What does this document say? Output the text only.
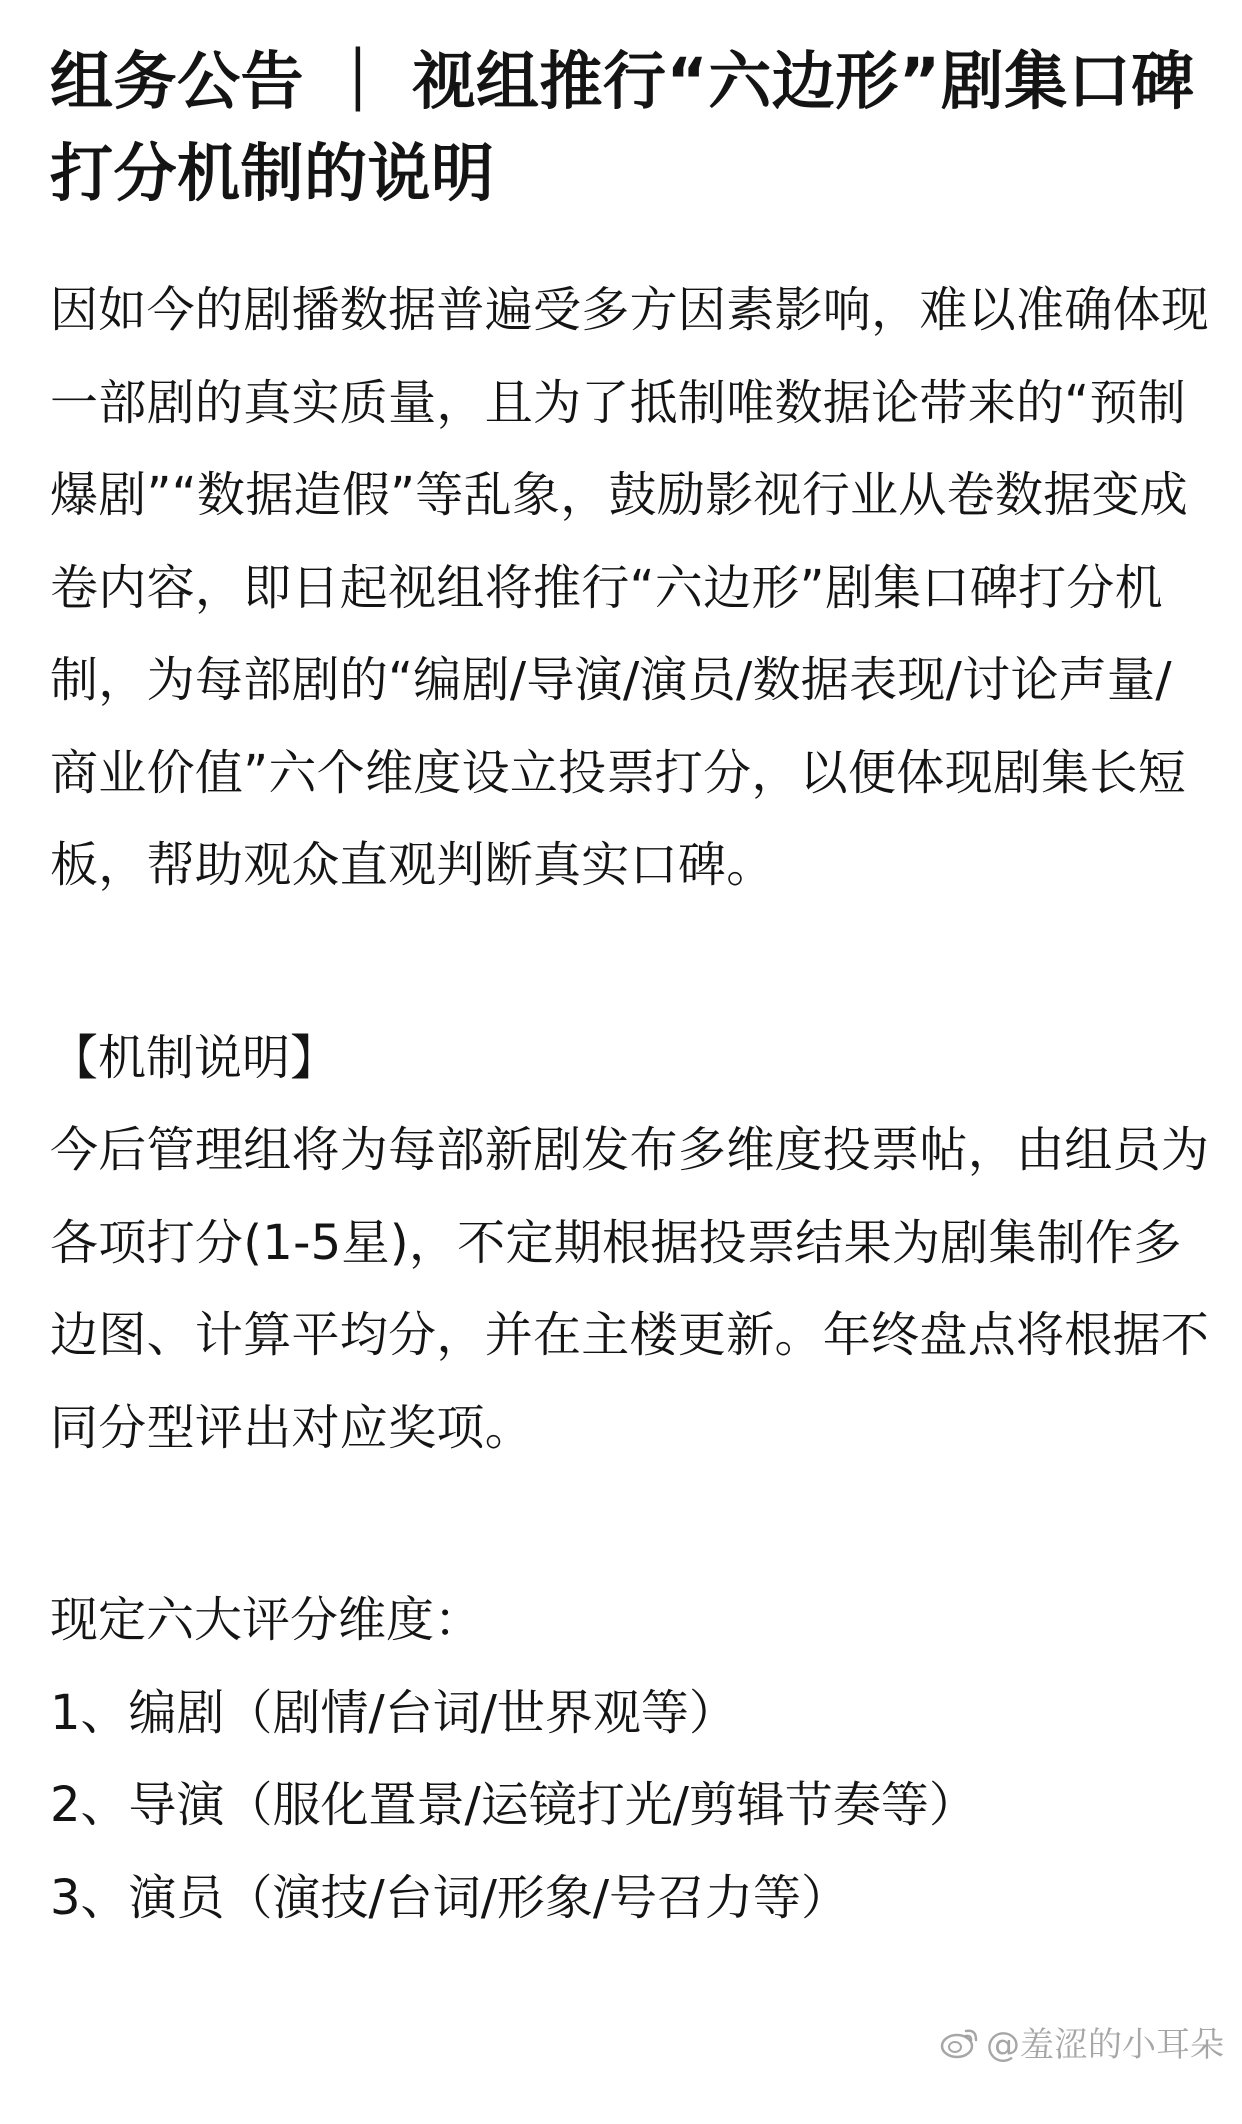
组务公告 ｜ 视组推行“六边形”剧集口碑打分机制的说明

因如今的剧播数据普遍受多方因素影响，难以准确体现一部剧的真实质量，且为了抵制唯数据论带来的“预制爆剧”“数据造假”等乱象，鼓励影视行业从卷数据变成卷内容，即日起视组将推行“六边形”剧集口碑打分机制，为每部剧的“编剧/导演/演员/数据表现/讨论声量/商业价值”六个维度设立投票打分，以便体现剧集长短板，帮助观众直观判断真实口碑。

【机制说明】

今后管理组将为每部新剧发布多维度投票帖，由组员为各项打分(1-5星)，不定期根据投票结果为剧集制作多边图、计算平均分，并在主楼更新。年终盘点将根据不同分型评出对应奖项。

现定六大评分维度：

1、编剧（剧情/台词/世界观等）
2、导演（服化置景/运镜打光/剪辑节奏等）
3、演员（演技/台词/形象/号召力等）
@羞涩的小耳朵
